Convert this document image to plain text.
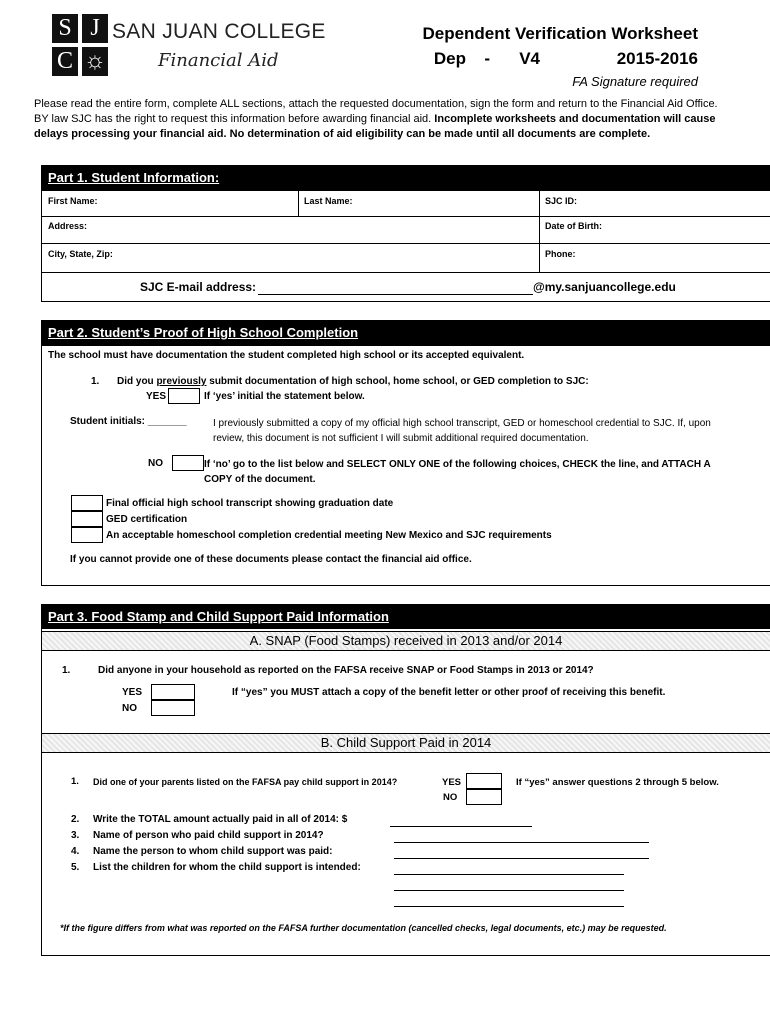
S J
C ☼
SAN JUAN COLLEGE
Financial Aid
Dependent Verification Worksheet
Dep - V4	2015-2016
FA Signature required
Please read the entire form, complete ALL sections, attach the requested documentation, sign the form and return to the Financial Aid Office. BY law SJC has the right to request this information before awarding financial aid. Incomplete worksheets and documentation will cause delays processing your financial aid. No determination of aid eligibility can be made until all documents are complete.
Part 1. Student Information:
First Name:	Last Name:	SJC ID:
Address:	Date of Birth:
City, State, Zip:	Phone:
SJC E-mail address:	@my.sanjuancollege.edu
Part 2. Student’s Proof of High School Completion
The school must have documentation the student completed high school or its accepted equivalent.
1. Did you previously submit documentation of high school, home school, or GED completion to SJC:
YES	If ‘yes’ initial the statement below.
Student initials: _______	I previously submitted a copy of my official high school transcript, GED or homeschool credential to SJC. If, upon review, this document is not sufficient I will submit additional required documentation.
NO	If ‘no’ go to the list below and SELECT ONLY ONE of the following choices, CHECK the line, and ATTACH A COPY of the document.
Final official high school transcript showing graduation date
GED certification
An acceptable homeschool completion credential meeting New Mexico and SJC requirements
If you cannot provide one of these documents please contact the financial aid office.
Part 3. Food Stamp and Child Support Paid Information
A. SNAP (Food Stamps) received in 2013 and/or 2014
1.	Did anyone in your household as reported on the FAFSA receive SNAP or Food Stamps in 2013 or 2014?
YES
NO
If “yes” you MUST attach a copy of the benefit letter or other proof of receiving this benefit.
B. Child Support Paid in 2014
1. Did one of your parents listed on the FAFSA pay child support in 2014?	YES
NO
If “yes” answer questions 2 through 5 below.
2. Write the TOTAL amount actually paid in all of 2014: $
3. Name of person who paid child support in 2014?
4. Name the person to whom child support was paid:
5. List the children for whom the child support is intended:
*If the figure differs from what was reported on the FAFSA further documentation (cancelled checks, legal documents, etc.) may be requested.
